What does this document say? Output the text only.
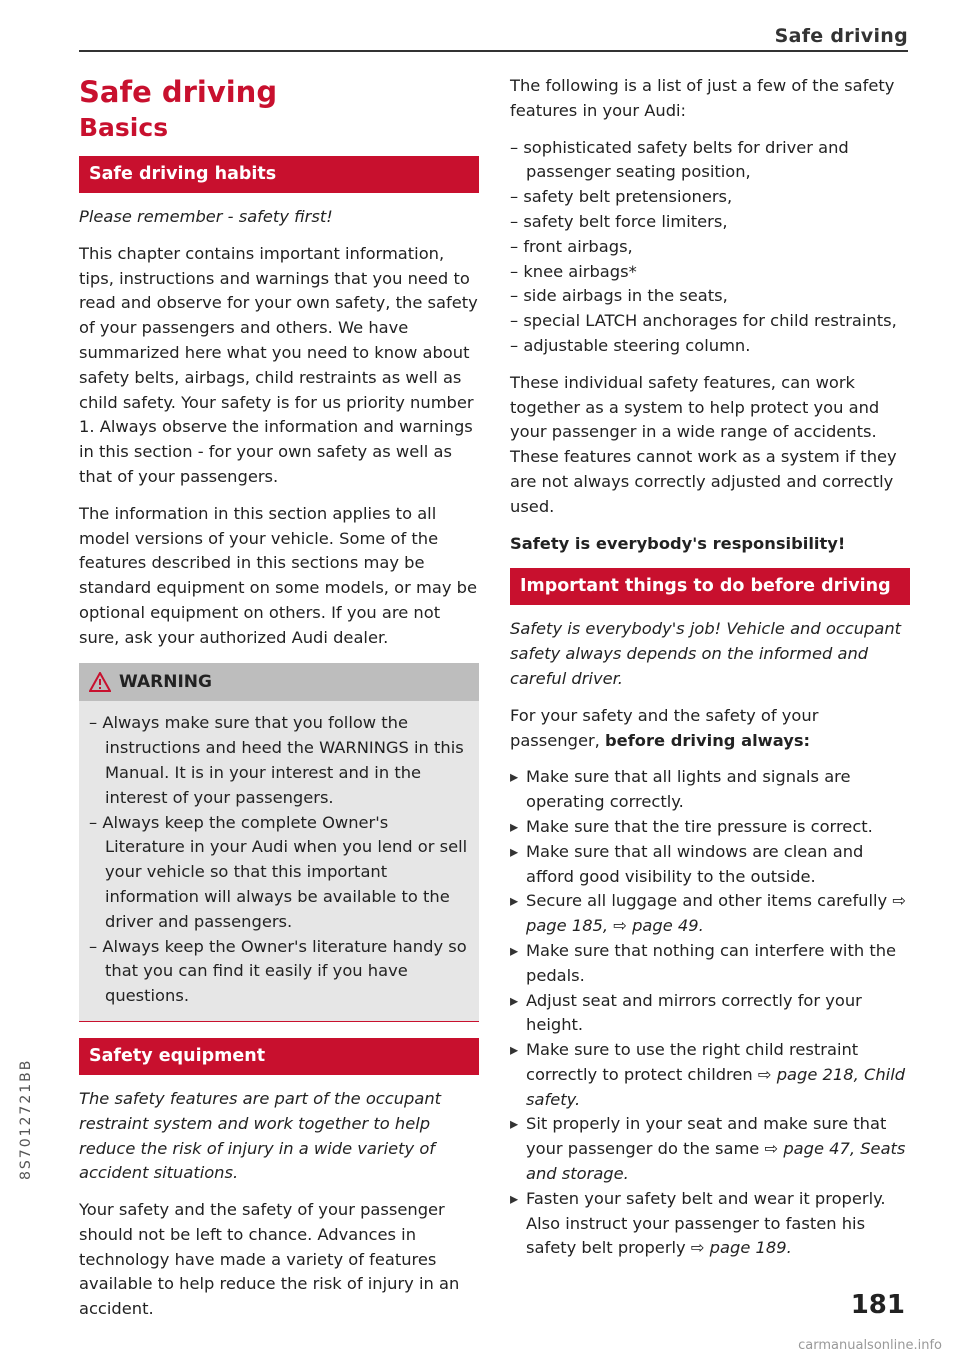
Safe driving
Safe driving
Basics
Safe driving habits

Please remember - safety first!

This chapter contains important information, tips, instructions and warnings that you need to read and observe for your own safety, the safety of your passengers and others. We have summarized here what you need to know about safety belts, airbags, child restraints as well as child safety. Your safety is for us priority number 1. Always observe the information and warnings in this section - for your own safety as well as that of your passengers.

The information in this section applies to all model versions of your vehicle. Some of the features described in this sections may be standard equipment on some models, or may be optional equipment on others. If you are not sure, ask your authorized Audi dealer.

WARNING
– Always make sure that you follow the instructions and heed the WARNINGS in this Manual. It is in your interest and in the interest of your passengers.
– Always keep the complete Owner's Literature in your Audi when you lend or sell your vehicle so that this important information will always be available to the driver and passengers.
– Always keep the Owner's literature handy so that you can find it easily if you have questions.
Safety equipment

The safety features are part of the occupant restraint system and work together to help reduce the risk of injury in a wide variety of accident situations.

Your safety and the safety of your passenger should not be left to chance. Advances in technology have made a variety of features available to help reduce the risk of injury in an accident.

The following is a list of just a few of the safety features in your Audi:

– sophisticated safety belts for driver and passenger seating position,
– safety belt pretensioners,
– safety belt force limiters,
– front airbags,
– knee airbags*
– side airbags in the seats,
– special LATCH anchorages for child restraints,
– adjustable steering column.

These individual safety features, can work together as a system to help protect you and your passenger in a wide range of accidents. These features cannot work as a system if they are not always correctly adjusted and correctly used.

Safety is everybody's responsibility!

Important things to do before driving

Safety is everybody's job! Vehicle and occupant safety always depends on the informed and careful driver.

For your safety and the safety of your passenger, before driving always:

▸ Make sure that all lights and signals are operating correctly.
▸ Make sure that the tire pressure is correct.
▸ Make sure that all windows are clean and afford good visibility to the outside.
▸ Secure all luggage and other items carefully ⇨ page 185, ⇨ page 49.
▸ Make sure that nothing can interfere with the pedals.
▸ Adjust seat and mirrors correctly for your height.
▸ Make sure to use the right child restraint correctly to protect children ⇨ page 218, Child safety.
▸ Sit properly in your seat and make sure that your passenger do the same ⇨ page 47, Seats and storage.
▸ Fasten your safety belt and wear it properly. Also instruct your passenger to fasten his safety belt properly ⇨ page 189.
8S7012721BB
181
carmanualsonline.info
